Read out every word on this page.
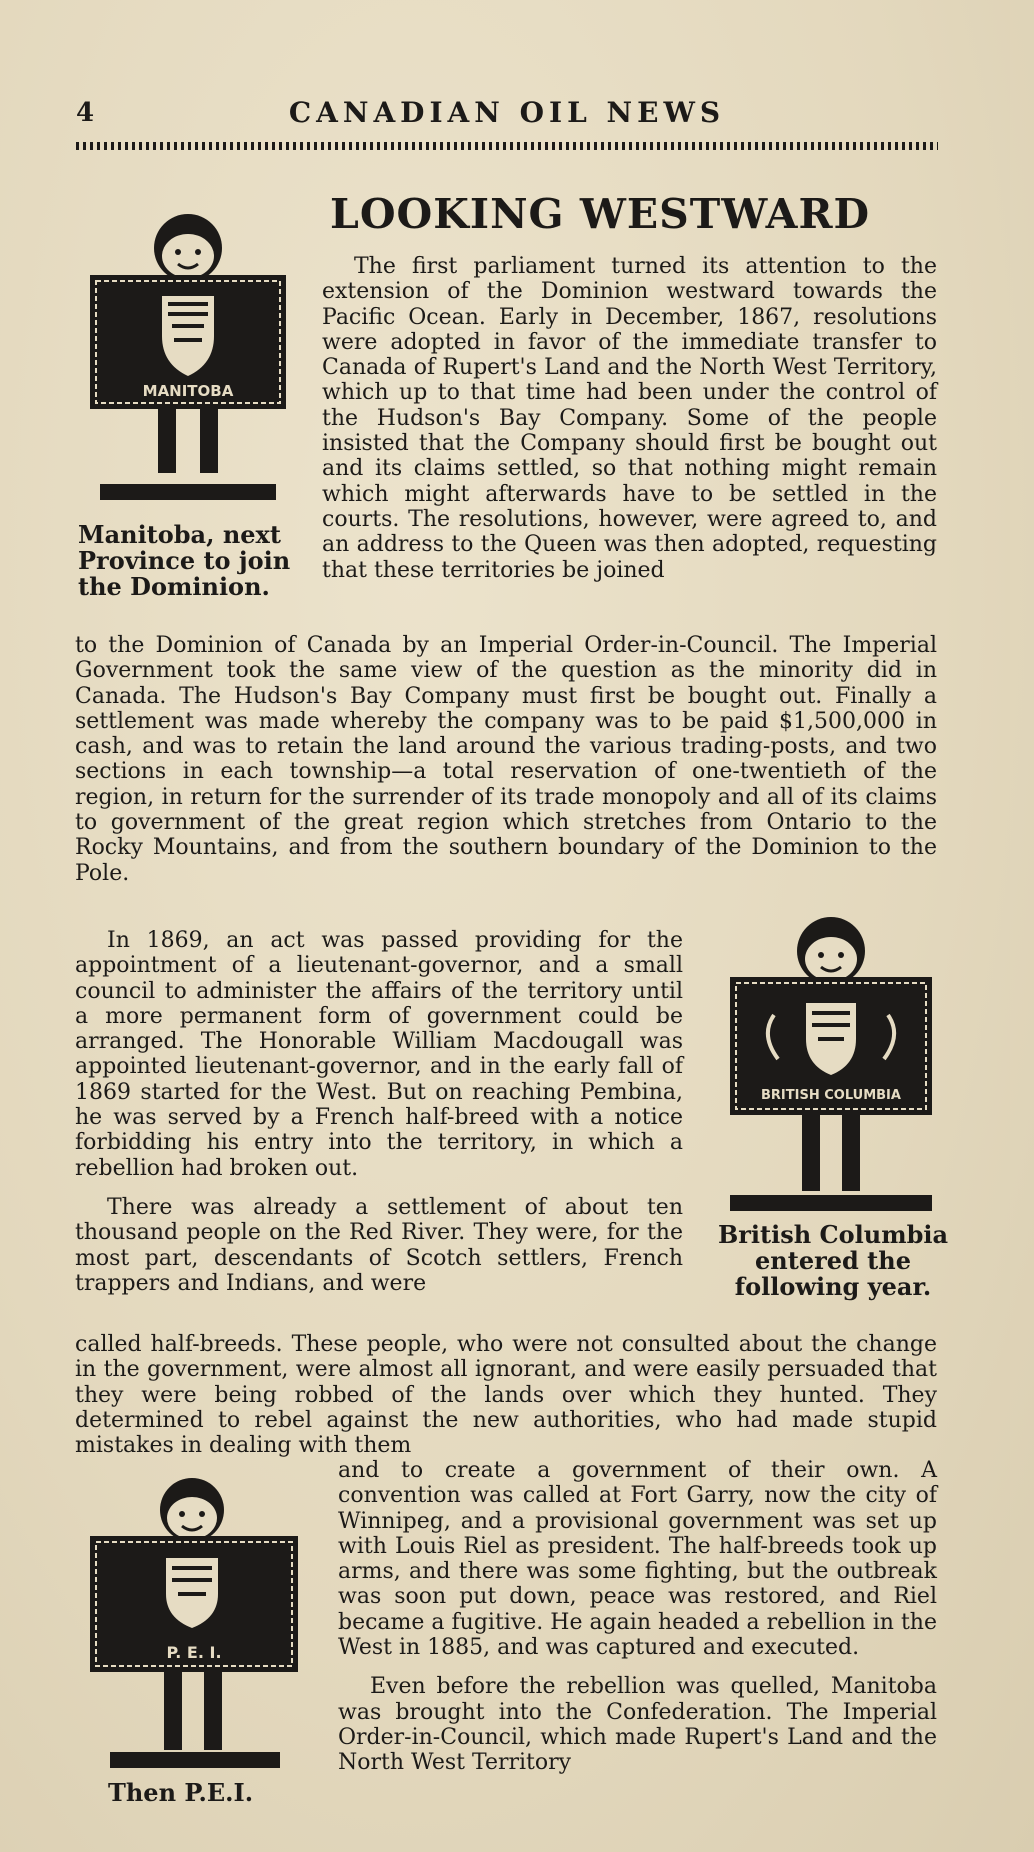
4	CANADIAN OIL NEWS
LOOKING WESTWARD
MANITOBA
Manitoba, next
Province to join
the Dominion.
BRITISH COLUMBIA
British Columbia
entered the
following year.
P. E. I.
Then P.E.I.

The first parliament turned its attention to the extension of the Dominion westward towards the Pacific Ocean. Early in December, 1867, resolutions were adopted in favor of the immediate transfer to Canada of Rupert's Land and the North West Territory, which up to that time had been under the control of the Hudson's Bay Company. Some of the people insisted that the Company should first be bought out and its claims settled, so that nothing might remain which might afterwards have to be settled in the courts. The resolutions, however, were agreed to, and an address to the Queen was then adopted, requesting that these territories be joined

to the Dominion of Canada by an Imperial Order-in-Council. The Imperial Government took the same view of the question as the minority did in Canada. The Hudson's Bay Company must first be bought out. Finally a settlement was made whereby the company was to be paid $1,500,000 in cash, and was to retain the land around the various trading-posts, and two sections in each township—a total reservation of one-twentieth of the region, in return for the surrender of its trade monopoly and all of its claims to government of the great region which stretches from Ontario to the Rocky Mountains, and from the southern boundary of the Dominion to the Pole.

In 1869, an act was passed providing for the appointment of a lieutenant-governor, and a small council to administer the affairs of the territory until a more permanent form of government could be arranged. The Honorable William Macdougall was appointed lieutenant-governor, and in the early fall of 1869 started for the West. But on reaching Pembina, he was served by a French half-breed with a notice forbidding his entry into the territory, in which a rebellion had broken out.

There was already a settlement of about ten thousand people on the Red River. They were, for the most part, descendants of Scotch settlers, French trappers and Indians, and were

called half-breeds. These people, who were not consulted about the change in the government, were almost all ignorant, and were easily persuaded that they were being robbed of the lands over which they hunted. They determined to rebel against the new authorities, who had made stupid mistakes in dealing with them

and to create a government of their own. A convention was called at Fort Garry, now the city of Winnipeg, and a provisional government was set up with Louis Riel as president. The half-breeds took up arms, and there was some fighting, but the outbreak was soon put down, peace was restored, and Riel became a fugitive. He again headed a rebellion in the West in 1885, and was captured and executed.

Even before the rebellion was quelled, Manitoba was brought into the Confederation. The Imperial Order-in-Council, which made Rupert's Land and the North West Territory
